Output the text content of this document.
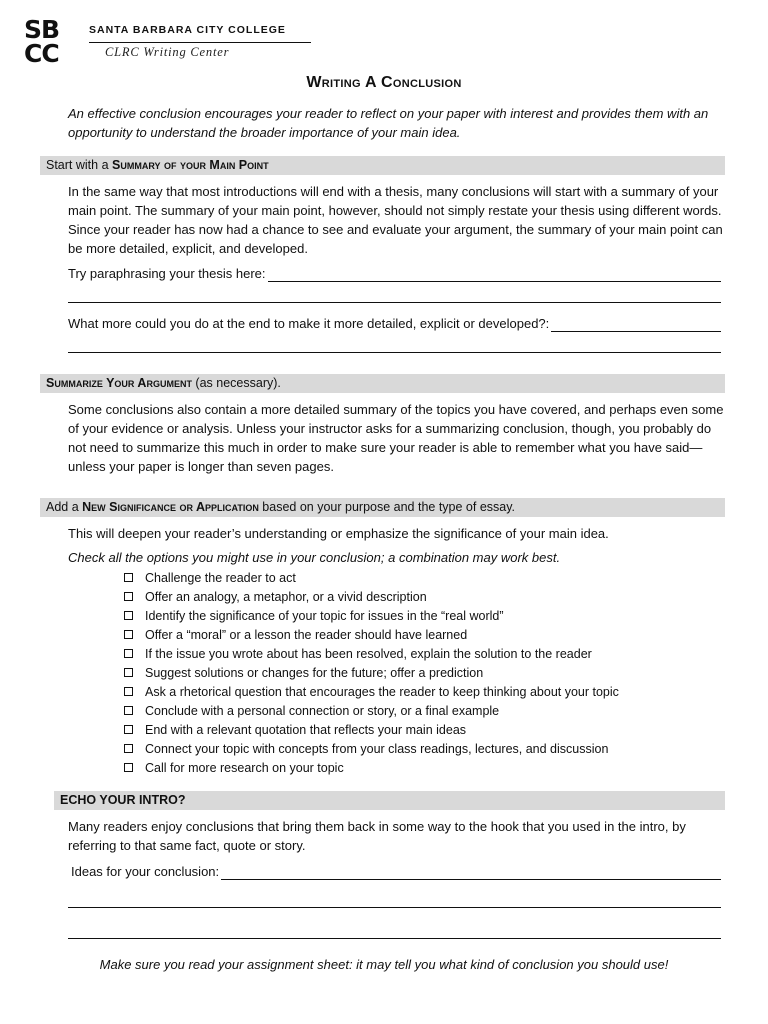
SB
CC
SANTA BARBARA CITY COLLEGE
CLRC Writing Center
Writing A Conclusion

An effective conclusion encourages your reader to reflect on your paper with interest and provides them with an opportunity to understand the broader importance of your main idea.

Start with a Summary of your Main Point

In the same way that most introductions will end with a thesis, many conclusions will start with a summary of your main point. The summary of your main point, however, should not simply restate your thesis using different words. Since your reader has now had a chance to see and evaluate your argument, the summary of your main point can be more detailed, explicit, and developed.

Try paraphrasing your thesis here:
What more could you do at the end to make it more detailed, explicit or developed?:
Summarize Your Argument (as necessary).

Some conclusions also contain a more detailed summary of the topics you have covered, and perhaps even some of your evidence or analysis. Unless your instructor asks for a summarizing conclusion, though, you probably do not need to summarize this much in order to make sure your reader is able to remember what you have said—unless your paper is longer than seven pages.

Add a New Significance or Application based on your purpose and the type of essay.

This will deepen your reader’s understanding or emphasize the significance of your main idea.

Check all the options you might use in your conclusion; a combination may work best.

Challenge the reader to act
Offer an analogy, a metaphor, or a vivid description
Identify the significance of your topic for issues in the “real world”
Offer a “moral” or a lesson the reader should have learned
If the issue you wrote about has been resolved, explain the solution to the reader
Suggest solutions or changes for the future; offer a prediction
Ask a rhetorical question that encourages the reader to keep thinking about your topic
Conclude with a personal connection or story, or a final example
End with a relevant quotation that reflects your main ideas
Connect your topic with concepts from your class readings, lectures, and discussion
Call for more research on your topic
ECHO YOUR INTRO?

Many readers enjoy conclusions that bring them back in some way to the hook that you used in the intro, by referring to that same fact, quote or story.

Ideas for your conclusion:
Make sure you read your assignment sheet: it may tell you what kind of conclusion you should use!
